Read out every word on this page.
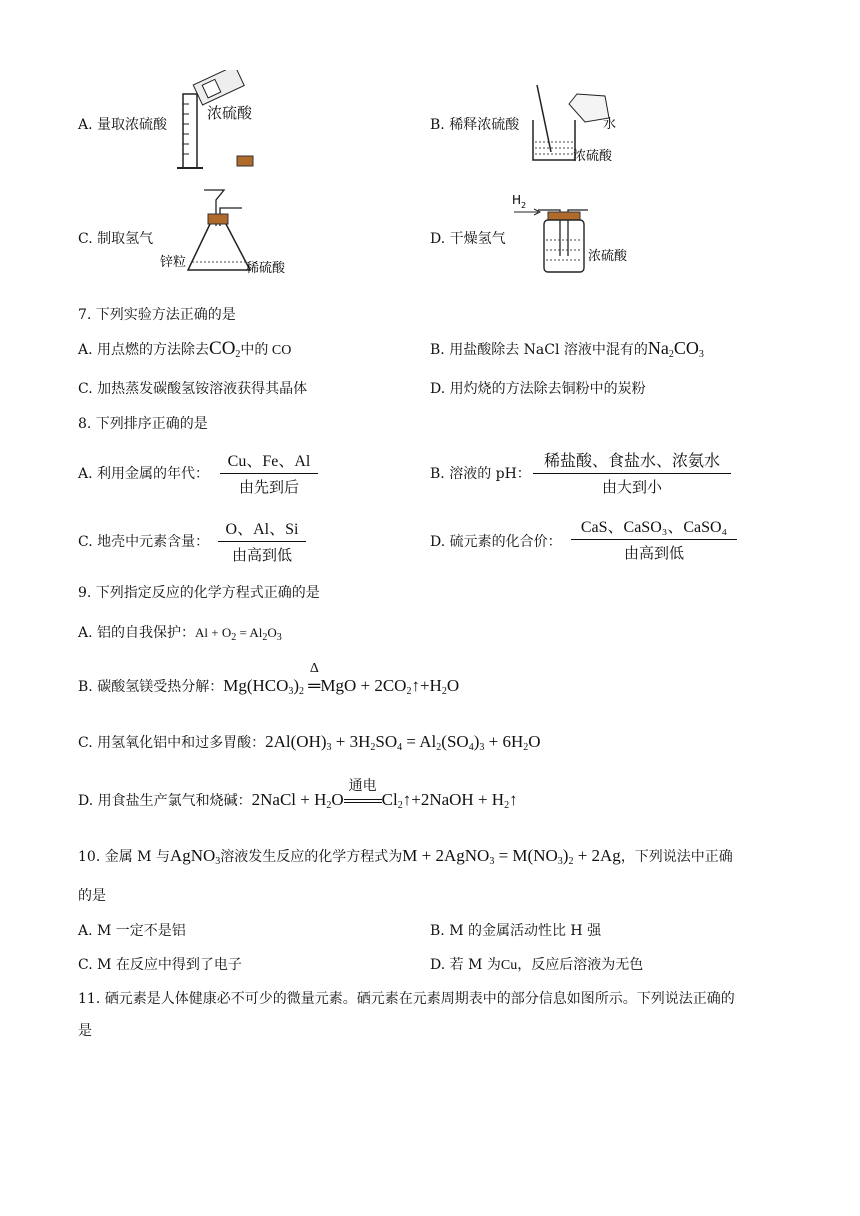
A. 量取浓硫酸
浓硫酸
B. 稀释浓硫酸	水
浓硫酸
C. 制取氢气
锌粒	稀硫酸
D. 干燥氢气
H 2
浓硫酸
7. 下列实验方法正确的是
A. 用点燃的方法除去$CO_2$中的 CO	B. 用盐酸除去 NaCl 溶液中混有的$Na_2CO_3$
C. 加热蒸发碳酸氢铵溶液获得其晶体	D. 用灼烧的方法除去铜粉中的炭粉
8. 下列排序正确的是
A. 利用金属的年代：
Cu、Fe、Al
由先到后
B. 溶液的 pH：
稀盐酸、食盐水、浓氨水
由大到小
C. 地壳中元素含量：
O、Al、Si
由高到低
D. 硫元素的化合价：
CaS、CaSO₃、CaSO₄
由高到低
9. 下列指定反应的化学方程式正确的是
A. 铝的自我保护：$Al + O_2 = Al_2O_3$
B. 碳酸氢镁受热分解：$Mg(HCO_3)_2$
Δ
═MgO + $2CO_2↑+H_2O$
C. 用氢氧化铝中和过多胃酸：$2Al(OH)_3 + 3H_2SO_4 = Al_2(SO_4)_3 + 6H_2O$
D. 用食盐生产氯气和烧碱：2NaCl + $H_2O$
通电
$Cl_2↑+2NaOH$ + $H_2↑$
10. 金属 M 与AgNO$_3$溶液发生反应的化学方程式为M + 2AgNO$_3$ = $M(NO_3)_2 + 2Ag$，下列说法中正确
的是
A. M 一定不是铝	B. M 的金属活动性比 H 强
C. M 在反应中得到了电子	D. 若 M 为Cu，反应后溶液为无色
11. 硒元素是人体健康必不可少的微量元素。硒元素在元素周期表中的部分信息如图所示。下列说法正确的
是
